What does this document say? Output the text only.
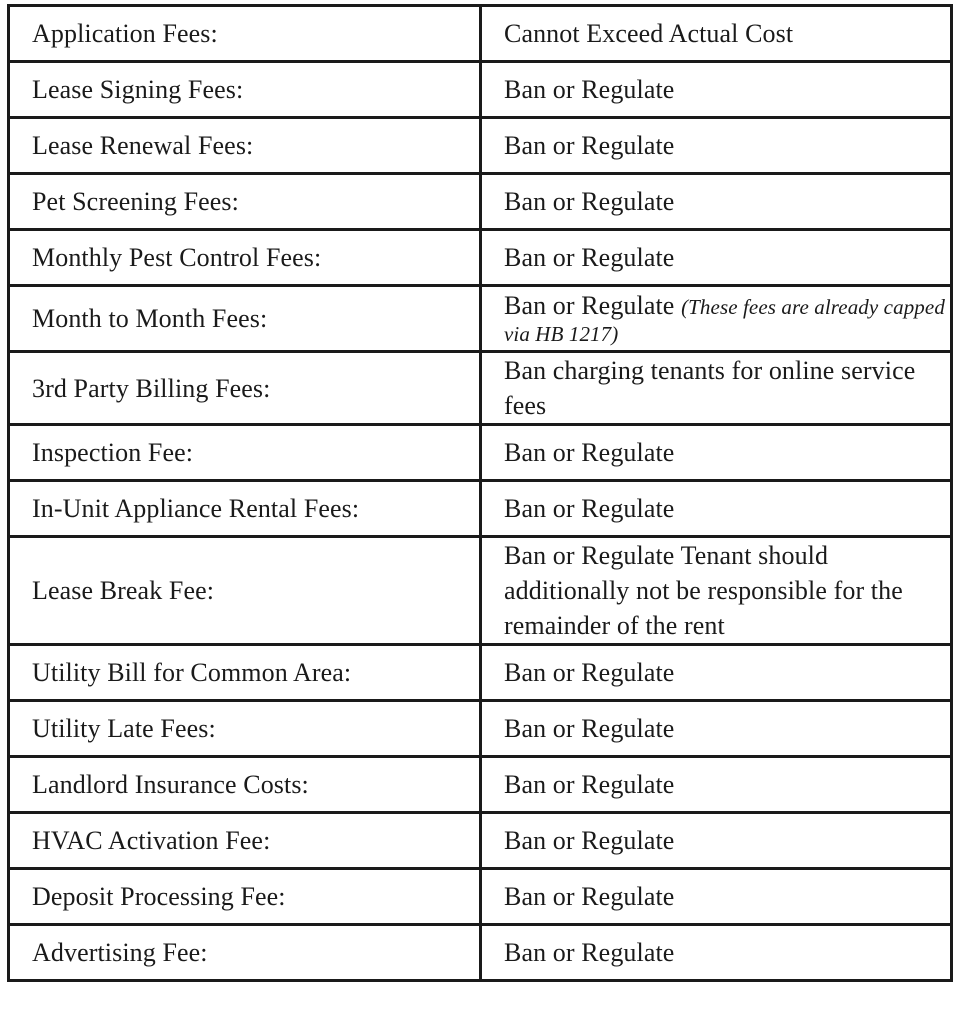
Application Fees:	Cannot Exceed Actual Cost
Lease Signing Fees:	Ban or Regulate
Lease Renewal Fees:	Ban or Regulate
Pet Screening Fees:	Ban or Regulate
Monthly Pest Control Fees:	Ban or Regulate
Month to Month Fees:	Ban or Regulate (These fees are already capped via HB 1217)
3rd Party Billing Fees:	Ban charging tenants for online service fees
Inspection Fee:	Ban or Regulate
In-Unit Appliance Rental Fees:	Ban or Regulate
Lease Break Fee:	Ban or Regulate Tenant should additionally not be responsible for the remainder of the rent
Utility Bill for Common Area:	Ban or Regulate
Utility Late Fees:	Ban or Regulate
Landlord Insurance Costs:	Ban or Regulate
HVAC Activation Fee:	Ban or Regulate
Deposit Processing Fee:	Ban or Regulate
Advertising Fee:	Ban or Regulate
